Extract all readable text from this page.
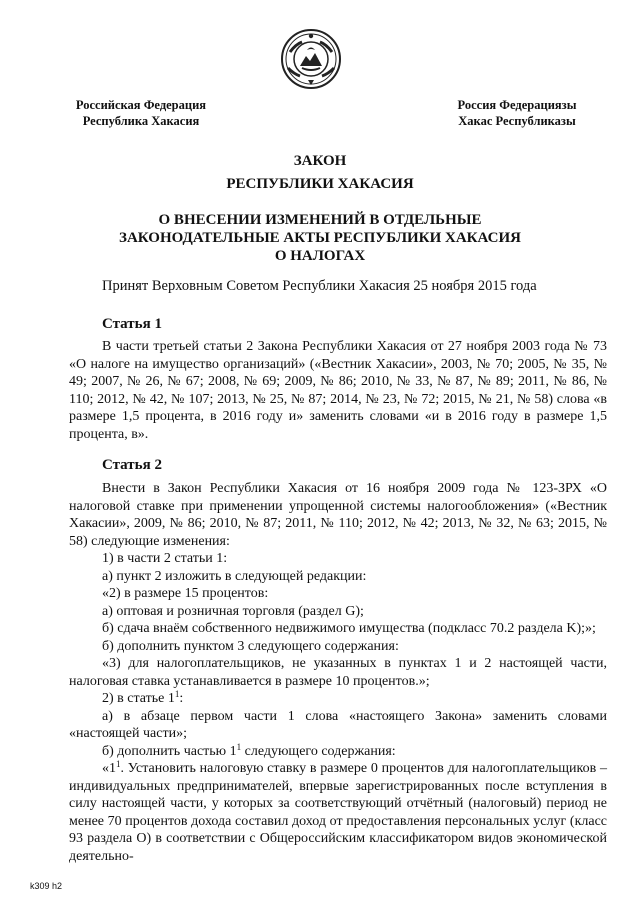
Российская Федерация
Республика Хакасия
Россия Федерациязы
Хакас Республиказы
ЗАКОН
РЕСПУБЛИКИ ХАКАСИЯ
О ВНЕСЕНИИ ИЗМЕНЕНИЙ В ОТДЕЛЬНЫЕ
ЗАКОНОДАТЕЛЬНЫЕ АКТЫ РЕСПУБЛИКИ ХАКАСИЯ
О НАЛОГАХ
Принят Верховным Советом Республики Хакасия 25 ноября 2015 года
Статья 1

В части третьей статьи 2 Закона Республики Хакасия от 27 ноября 2003 года № 73 «О налоге на имущество организаций» («Вестник Хакасии», 2003, № 70; 2005, № 35, № 49; 2007, № 26, № 67; 2008, № 69; 2009, № 86; 2010, № 33, № 87, № 89; 2011, № 86, № 110; 2012, № 42, № 107; 2013, № 25, № 87; 2014, № 23, № 72; 2015, № 21, № 58) слова «в размере 1,5 процента, в 2016 году и» заменить словами «и в 2016 году в размере 1,5 процента, в».

Статья 2

Внести в Закон Республики Хакасия от 16 ноября 2009 года № 123-ЗРХ «О налоговой ставке при применении упрощенной системы налогообложения» («Вестник Хакасии», 2009, № 86; 2010, № 87; 2011, № 110; 2012, № 42; 2013, № 32, № 63; 2015, № 58) следующие изменения:

1) в части 2 статьи 1:

а) пункт 2 изложить в следующей редакции:

«2) в размере 15 процентов:

а) оптовая и розничная торговля (раздел G);

б) сдача внаём собственного недвижимого имущества (подкласс 70.2 раздела K);»;

б) дополнить пунктом 3 следующего содержания:

«3) для налогоплательщиков, не указанных в пунктах 1 и 2 настоящей части, налоговая ставка устанавливается в размере 10 процентов.»;

2) в статье $1^1$:

а) в абзаце первом части 1 слова «настоящего Закона» заменить словами «настоящей части»;

б) дополнить частью $1^1$ следующего содержания:

«$1^1$. Установить налоговую ставку в размере 0 процентов для налогоплательщиков – индивидуальных предпринимателей, впервые зарегистрированных после вступления в силу настоящей части, у которых за соответствующий отчётный (налоговый) период не менее 70 процентов дохода составил доход от предоставления персональных услуг (класс 93 раздела O) в соответствии с Общероссийским классификатором видов экономической деятельно-

k309 h2
